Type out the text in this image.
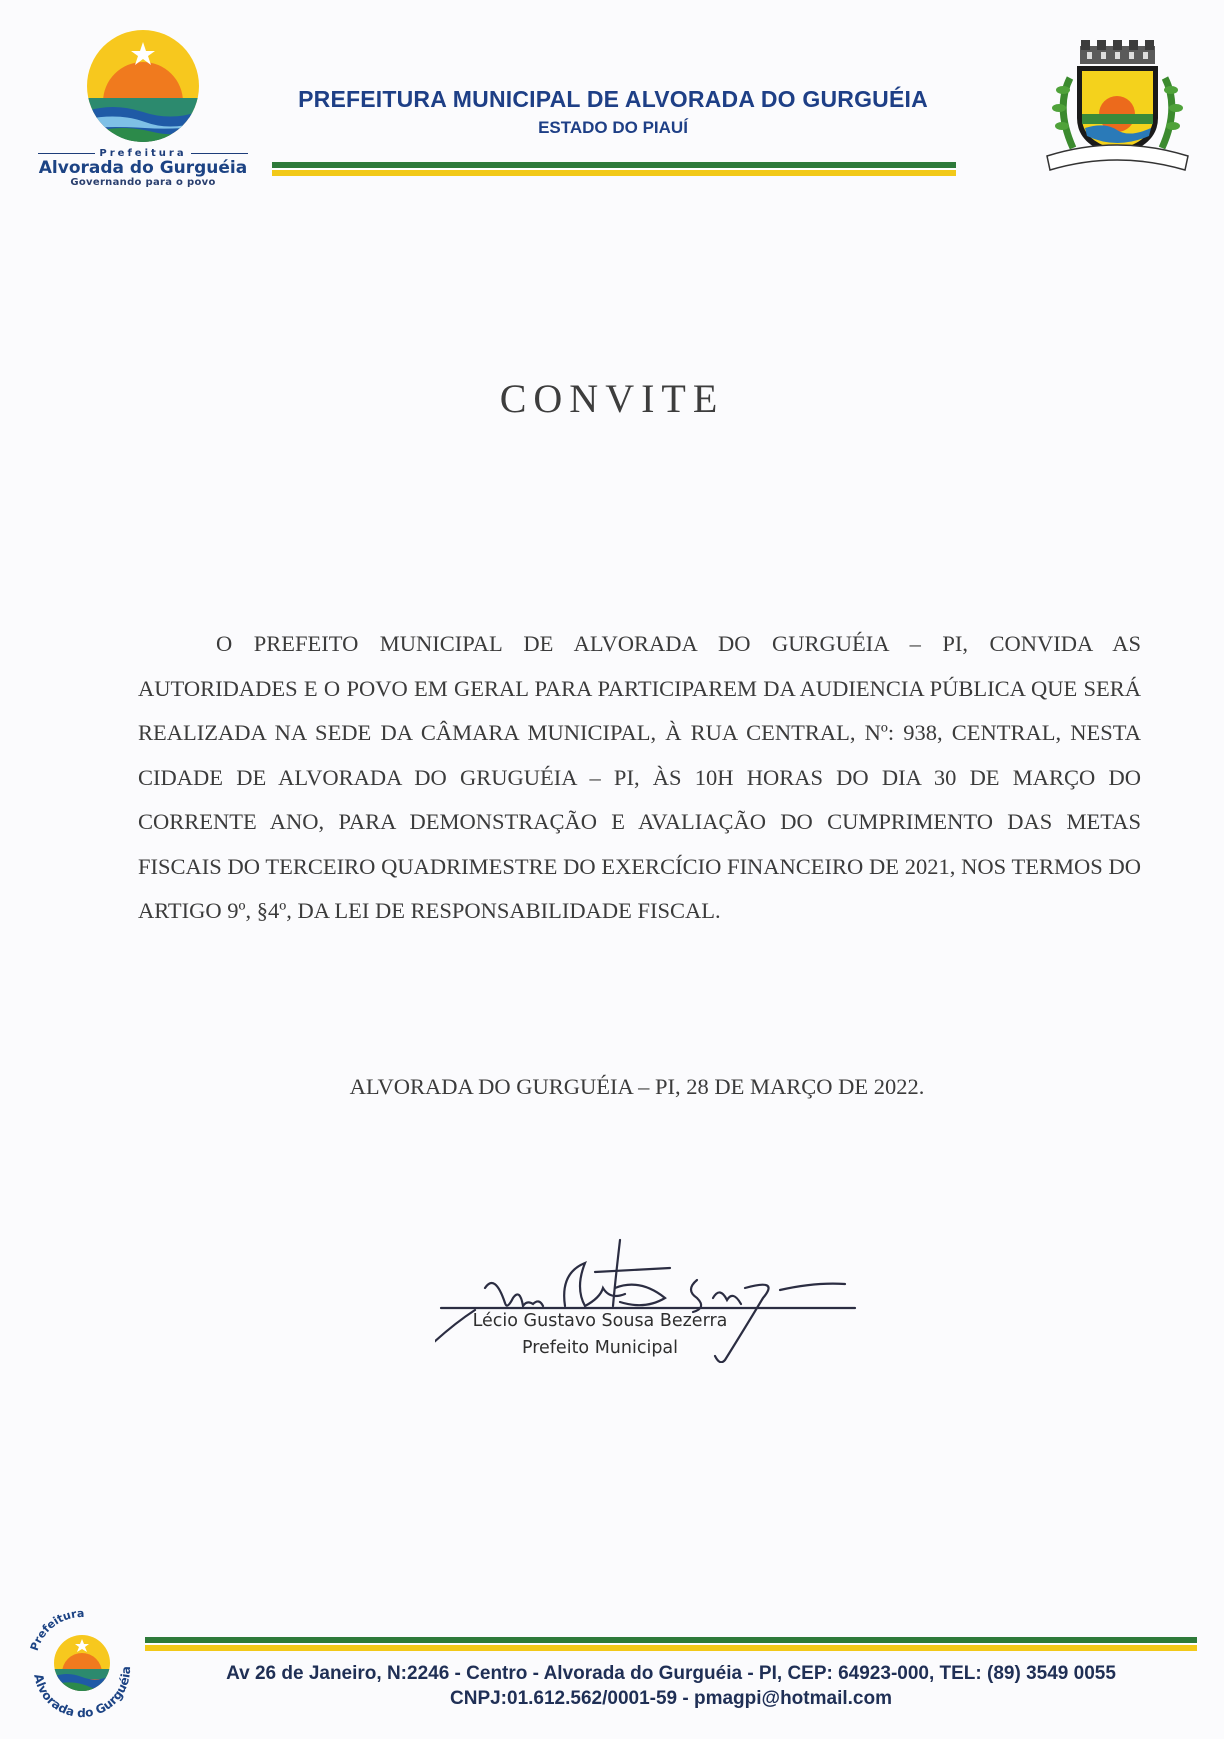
Prefeitura
Alvorada do Gurguéia
Governando para o povo
PREFEITURA MUNICIPAL DE ALVORADA DO GURGUÉIA
ESTADO DO PIAUÍ
CONVITE
O PREFEITO MUNICIPAL DE ALVORADA DO GURGUÉIA – PI, CONVIDA AS AUTORIDADES E O POVO EM GERAL PARA PARTICIPAREM DA AUDIENCIA PÚBLICA QUE SERÁ REALIZADA NA SEDE DA CÂMARA MUNICIPAL, À RUA CENTRAL, Nº: 938, CENTRAL, NESTA CIDADE DE ALVORADA DO GRUGUÉIA – PI, ÀS 10H HORAS DO DIA 30 DE MARÇO DO CORRENTE ANO, PARA DEMONSTRAÇÃO E AVALIAÇÃO DO CUMPRIMENTO DAS METAS FISCAIS DO TERCEIRO QUADRIMESTRE DO EXERCÍCIO FINANCEIRO DE 2021, NOS TERMOS DO ARTIGO 9º, §4º, DA LEI DE RESPONSABILIDADE FISCAL.
ALVORADA DO GURGUÉIA – PI, 28 DE MARÇO DE 2022.
Lécio Gustavo Sousa Bezerra
Prefeito Municipal
Prefeitura
Alvorada do Gurguéia	Av 26 de Janeiro, N:2246 - Centro - Alvorada do Gurguéia - PI, CEP: 64923-000, TEL: (89) 3549 0055
CNPJ:01.612.562/0001-59 - pmagpi@hotmail.com
